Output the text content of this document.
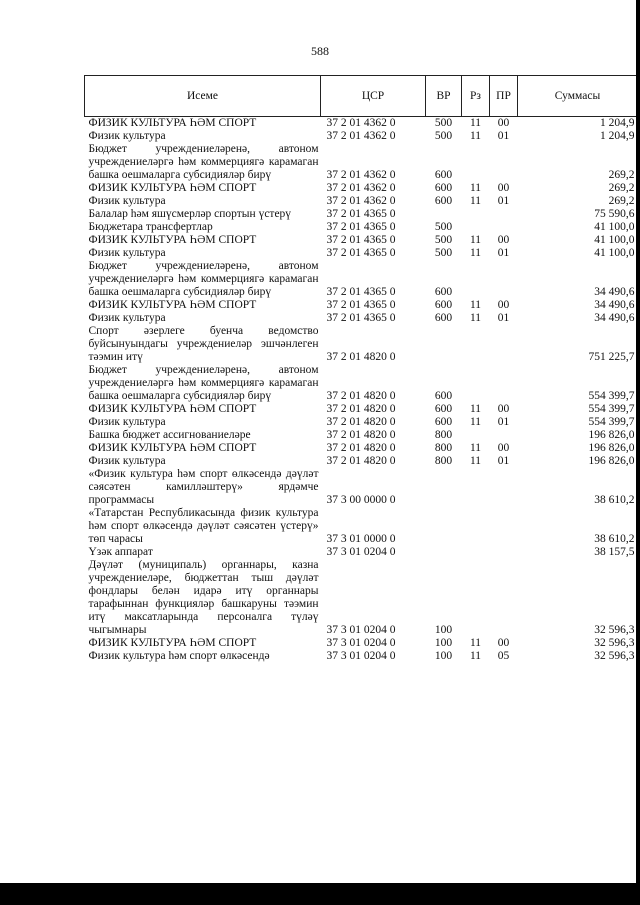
588
Исеме	ЦСР	ВР	Рз	ПР	Суммасы
ФИЗИК КУЛЬТУРА ҺӘМ СПОРТ	37 2 01 4362 0	500	11	00	1 204,9
Физик культура	37 2 01 4362 0	500	11	01	1 204,9
Бюджет учреждениеләренә, автоном учреждениеләргә һәм коммерциягә карамаган башка оешмаларга субсидияләр бирү	37 2 01 4362 0	600			269,2
ФИЗИК КУЛЬТУРА ҺӘМ СПОРТ	37 2 01 4362 0	600	11	00	269,2
Физик культура	37 2 01 4362 0	600	11	01	269,2
Балалар һәм яшүсмерләр спортын үстерү	37 2 01 4365 0				75 590,6
Бюджетара трансфертлар	37 2 01 4365 0	500			41 100,0
ФИЗИК КУЛЬТУРА ҺӘМ СПОРТ	37 2 01 4365 0	500	11	00	41 100,0
Физик культура	37 2 01 4365 0	500	11	01	41 100,0
Бюджет учреждениеләренә, автоном учреждениеләргә һәм коммерциягә карамаган башка оешмаларга субсидияләр бирү	37 2 01 4365 0	600			34 490,6
ФИЗИК КУЛЬТУРА ҺӘМ СПОРТ	37 2 01 4365 0	600	11	00	34 490,6
Физик культура	37 2 01 4365 0	600	11	01	34 490,6
Спорт әзерлеге буенча ведомство буйсынуындагы учреждениеләр эшчәнлеген тәэмин итү	37 2 01 4820 0				751 225,7
Бюджет учреждениеләренә, автоном учреждениеләргә һәм коммерциягә карамаган башка оешмаларга субсидияләр бирү	37 2 01 4820 0	600			554 399,7
ФИЗИК КУЛЬТУРА ҺӘМ СПОРТ	37 2 01 4820 0	600	11	00	554 399,7
Физик культура	37 2 01 4820 0	600	11	01	554 399,7
Башка бюджет ассигнованиеләре	37 2 01 4820 0	800			196 826,0
ФИЗИК КУЛЬТУРА ҺӘМ СПОРТ	37 2 01 4820 0	800	11	00	196 826,0
Физик культура	37 2 01 4820 0	800	11	01	196 826,0
«Физик культура һәм спорт өлкәсендә дәүләт сәясәтен камилләштерү» ярдәмче программасы	37 3 00 0000 0				38 610,2
«Татарстан Республикасында физик культура һәм спорт өлкәсендә дәүләт сәясәтен үстерү» төп чарасы	37 3 01 0000 0				38 610,2
Үзәк аппарат	37 3 01 0204 0				38 157,5
Дәүләт (муниципаль) органнары, казна учреждениеләре, бюджеттан тыш дәүләт фондлары белән идарә итү органнары тарафыннан функцияләр башкаруны тәэмин итү максатларында персоналга түләү чыгымнары	37 3 01 0204 0	100			32 596,3
ФИЗИК КУЛЬТУРА ҺӘМ СПОРТ	37 3 01 0204 0	100	11	00	32 596,3
Физик культура һәм спорт өлкәсендә	37 3 01 0204 0	100	11	05	32 596,3
